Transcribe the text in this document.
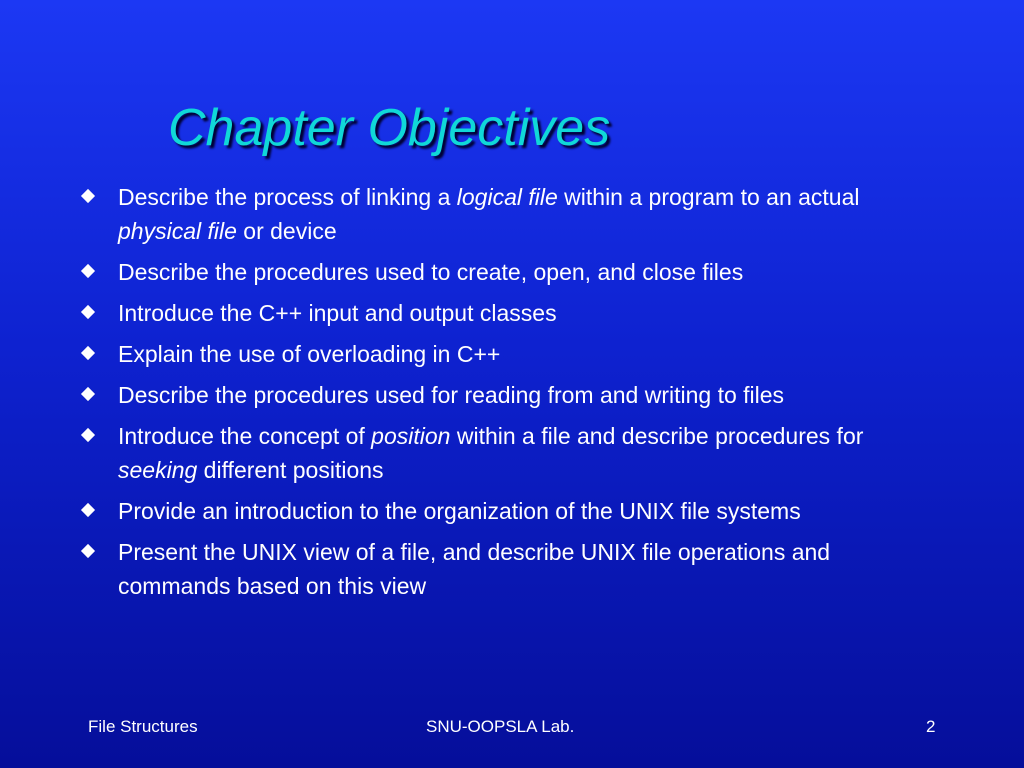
Chapter Objectives
Describe the process of linking a logical file within a program to an actual physical file or device
Describe the procedures used to create, open, and close files
Introduce the C++ input and output classes
Explain the use of overloading in C++
Describe the procedures used for reading from and writing to files
Introduce the concept of position within a file and describe procedures for seeking different positions
Provide an introduction to the organization of the UNIX file systems
Present the UNIX view of a file, and describe UNIX file operations and commands based on this view
File Structures	SNU-OOPSLA Lab.	2
